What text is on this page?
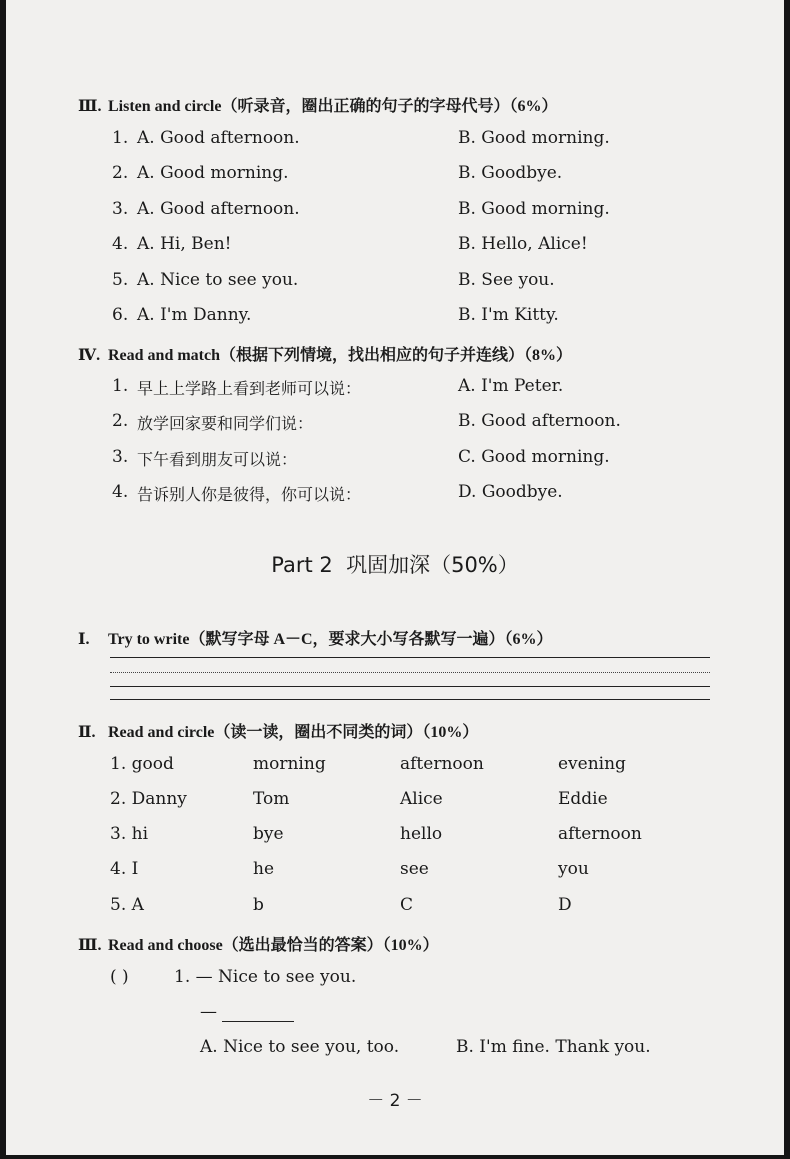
Ⅲ. Listen and circle（听录音，圈出正确的句子的字母代号）（6%）
1. A. Good afternoon.	B. Good morning.
2. A. Good morning.	B. Goodbye.
3. A. Good afternoon.	B. Good morning.
4. A. Hi, Ben!	B. Hello, Alice!
5. A. Nice to see you.	B. See you.
6. A. I'm Danny.	B. I'm Kitty.
Ⅳ. Read and match（根据下列情境，找出相应的句子并连线）（8%）
1. 早上上学路上看到老师可以说：	A. I'm Peter.
2. 放学回家要和同学们说：	B. Good afternoon.
3. 下午看到朋友可以说：	C. Good morning.
4. 告诉别人你是彼得，你可以说：	D. Goodbye.
Part 2  巩固加深（50%）
Ⅰ. Try to write（默写字母 A－C，要求大小写各默写一遍）（6%）
Ⅱ. Read and circle（读一读，圈出不同类的词）（10%）
1. good	morning	afternoon	evening
2. Danny	Tom	Alice	Eddie
3. hi	bye	hello	afternoon
4. I	he	see	you
5. A	b	C	D
Ⅲ. Read and choose（选出最恰当的答案）（10%）
( )	1. — Nice to see you.
—
A. Nice to see you, too.	B. I'm fine. Thank you.
－ 2 －
